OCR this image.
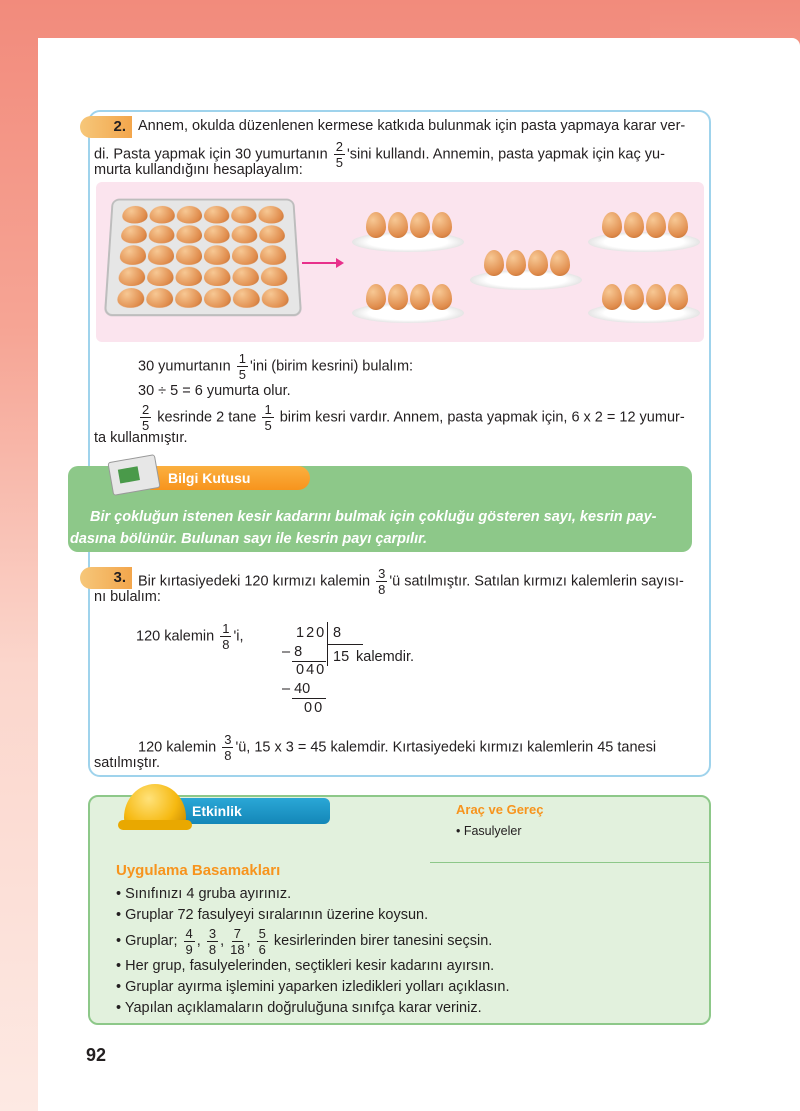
2. Annem, okulda düzenlenen kermese katkıda bulunmak için pasta yapmaya karar ver-
di. Pasta yapmak için 30 yumurtanın $\frac{2}{5}$ 'sini kullandı. Annemin, pasta yapmak için kaç yu-
murta kullandığını hesaplayalım:
30 yumurtanın $\frac{1}{5}$ 'ini (birim kesrini) bulalım:
30 ÷ 5 = 6 yumurta olur.
$\frac{2}{5}$ kesrinde 2 tane $\frac{1}{5}$ birim kesri vardır. Annem, pasta yapmak için, 6 x 2 = 12 yumur-
ta kullanmıştır.
Bilgi Kutusu
Bir çokluğun istenen kesir kadarını bulmak için çokluğu gösteren sayı, kesrin pay-dasına bölünür. Bulunan sayı ile kesrin payı çarpılır.
3. Bir kırtasiyedeki 120 kırmızı kalemin $\frac{3}{8}$ 'ü satılmıştır. Satılan kırmızı kalemlerin sayısı-
nı bulalım:
120 kalemin $\frac{1}{8}$ 'i,	120 8
15 kalemdir.
– 8
040
– 40
00
120 kalemin $\frac{3}{8}$ 'ü, 15 x 3 = 45 kalemdir. Kırtasiyedeki kırmızı kalemlerin 45 tanesi
satılmıştır.
Etkinlik	Araç ve Gereç
• Fasulyeler
Uygulama Basamakları
• Sınıfınızı 4 gruba ayırınız.
• Gruplar 72 fasulyeyi sıralarının üzerine koysun.
• Gruplar; $\frac{4}{9}$ , $\frac{3}{8}$ , $\frac{7}{18}$ , $\frac{5}{6}$ kesirlerinden birer tanesini seçsin.
• Her grup, fasulyelerinden, seçtikleri kesir kadarını ayırsın.
• Gruplar ayırma işlemini yaparken izledikleri yolları açıklasın.
• Yapılan açıklamaların doğruluğuna sınıfça karar veriniz.
92
